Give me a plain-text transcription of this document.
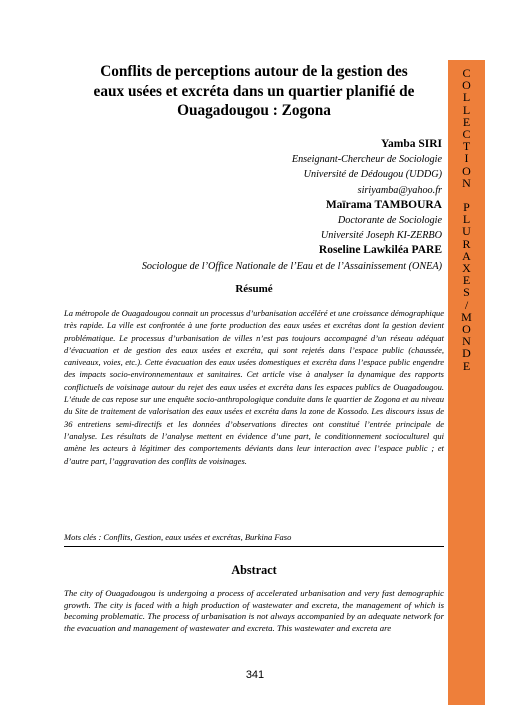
C
O
L
L
E
C
T
I
O
N

P
L
U
R
A
X
E
S
/
M
O
N
D
E
Conflits de perceptions autour de la gestion des
eaux usées et excréta dans un quartier planifié de
Ouagadougou : Zogona
Yamba SIRI
Enseignant-Chercheur de Sociologie
Université de Dédougou (UDDG)
siriyamba@yahoo.fr
Maïrama TAMBOURA
Doctorante de Sociologie
Université Joseph KI-ZERBO
Roseline Lawkiléa PARE
Sociologue de l’Office Nationale de l’Eau et de l’Assainissement (ONEA)
Résumé

La métropole de Ouagadougou connait un processus d’urbanisation accéléré et une croissance démographique très rapide. La ville est confrontée à une forte production des eaux usées et excrétas dont la gestion devient problématique. Le processus d’urbanisation de villes n’est pas toujours accompagné d’un réseau adéquat d’évacuation et de gestion des eaux usées et excréta, qui sont rejetés dans l’espace public (chaussée, caniveaux, voies, etc.). Cette évacuation des eaux usées domestiques et excréta dans l’espace public engendre des impacts socio-environnementaux et sanitaires. Cet article vise à analyser la dynamique des rapports conflictuels de voisinage autour du rejet des eaux usées et excréta dans les espaces publics de Ouagadougou. L’étude de cas repose sur une enquête socio-anthropologique conduite dans le quartier de Zogona et au niveau du Site de traitement de valorisation des eaux usées et excréta dans la zone de Kossodo. Les discours issus de 36 entretiens semi-directifs et les données d’observations directes ont constitué l’entrée principale de l’analyse. Les résultats de l’analyse mettent en évidence d’une part, le conditionnement socioculturel qui amène les acteurs à légitimer des comportements déviants dans leur interaction avec l’espace public ; et d’autre part, l’aggravation des conflits de voisinages.

Mots clés : Conflits, Gestion, eaux usées et excrétas, Burkina Faso
Abstract

The city of Ouagadougou is undergoing a process of accelerated urbanisation and very fast demographic growth. The city is faced with a high production of wastewater and excreta, the management of which is becoming problematic. The process of urbanisation is not always accompanied by an adequate network for the evacuation and management of wastewater and excreta. This wastewater and excreta are

341
